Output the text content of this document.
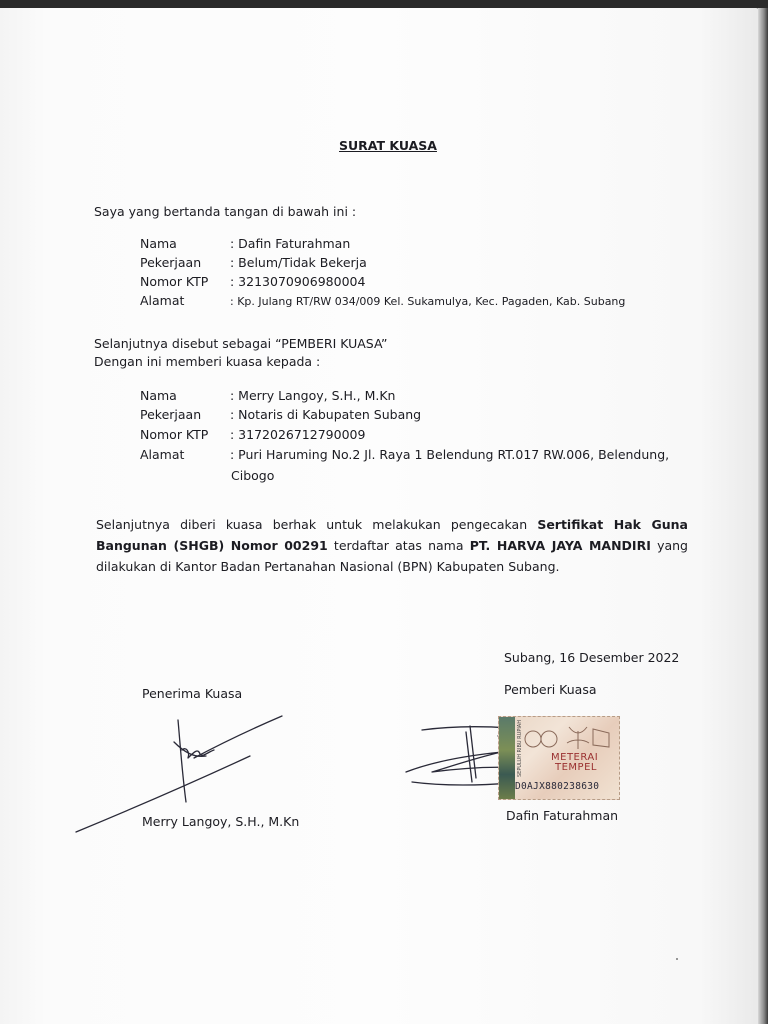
SURAT KUASA
Saya yang bertanda tangan di bawah ini :
Nama	: Dafin Faturahman
Pekerjaan	: Belum/Tidak Bekerja
Nomor KTP	: 3213070906980004
Alamat	: Kp. Julang RT/RW 034/009 Kel. Sukamulya, Kec. Pagaden, Kab. Subang
Selanjutnya disebut sebagai “PEMBERI KUASA”
Dengan ini memberi kuasa kepada :
Nama	: Merry Langoy, S.H., M.Kn
Pekerjaan	: Notaris di Kabupaten Subang
Nomor KTP	: 3172026712790009
Alamat	: Puri Haruming No.2 Jl. Raya 1 Belendung RT.017 RW.006, Belendung,
Cibogo
Selanjutnya diberi kuasa berhak untuk melakukan pengecakan Sertifikat Hak Guna Bangunan (SHGB) Nomor 00291 terdaftar atas nama PT. HARVA JAYA MANDIRI yang dilakukan di Kantor Badan Pertanahan Nasional (BPN) Kabupaten Subang.
Subang, 16 Desember 2022
Penerima Kuasa	Pemberi Kuasa
SEPULUH RIBU RUPIAH	METERAI
TEMPEL
D0AJX880238630
Merry Langoy, S.H., M.Kn	Dafin Faturahman
